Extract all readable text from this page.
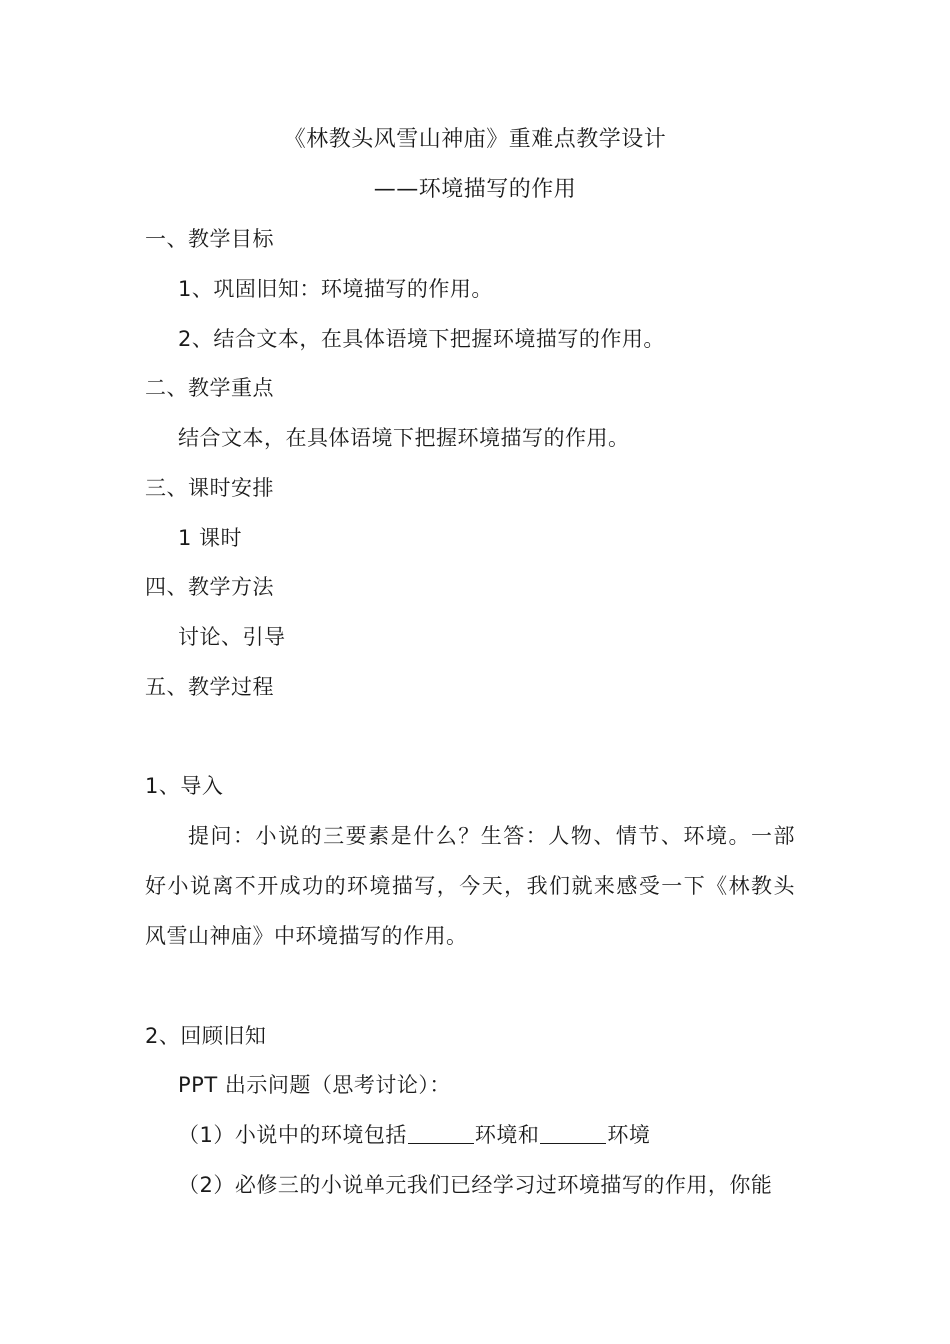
《林教头风雪山神庙》重难点教学设计
——环境描写的作用
一、教学目标
1、巩固旧知：环境描写的作用。
2、结合文本，在具体语境下把握环境描写的作用。
二、教学重点
结合文本，在具体语境下把握环境描写的作用。
三、课时安排
1 课时
四、教学方法
讨论、引导
五、教学过程
1、导入
提问：小说的三要素是什么？生答：人物、情节、环境。一部
好小说离不开成功的环境描写，今天，我们就来感受一下《林教头
风雪山神庙》中环境描写的作用。
2、回顾旧知
PPT 出示问题（思考讨论）：
（1）小说中的环境包括	环境和	环境
（2）必修三的小说单元我们已经学习过环境描写的作用，你能
